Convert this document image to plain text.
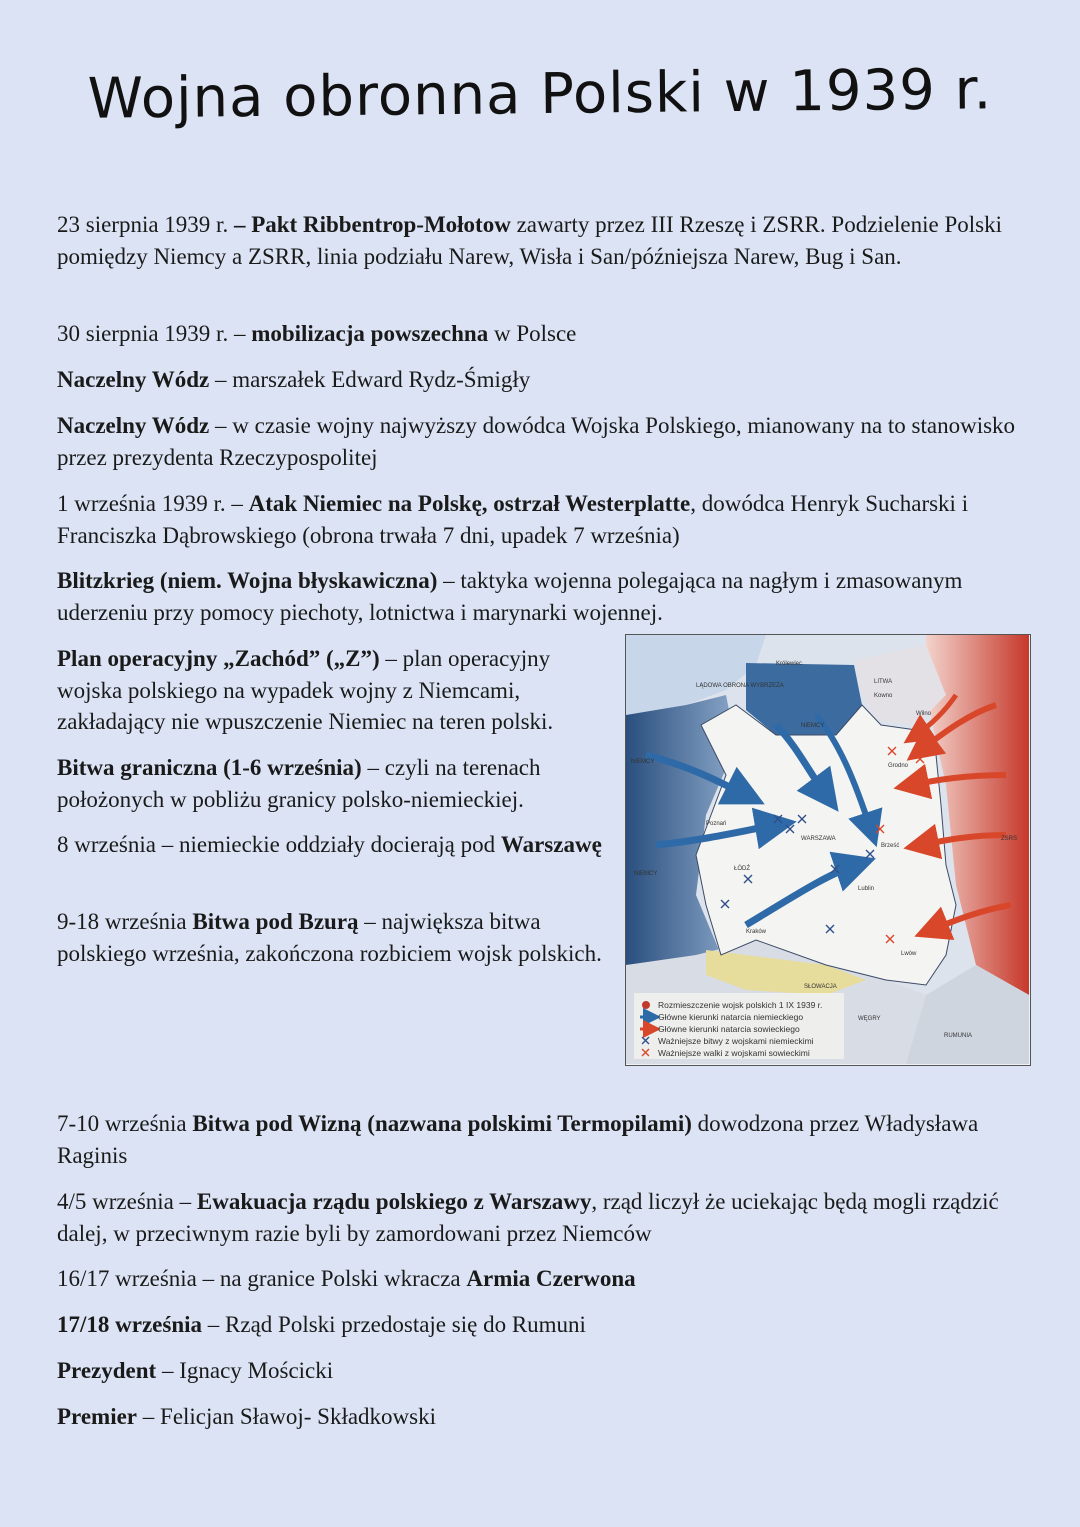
Wojna obronna Polski w 1939 r.

23 sierpnia 1939 r. – Pakt Ribbentrop-Mołotow zawarty przez III Rzeszę i ZSRR. Podzielenie Polski pomiędzy Niemcy a ZSRR, linia podziału Narew, Wisła i San/późniejsza Narew, Bug i San.

30 sierpnia 1939 r. – mobilizacja powszechna w Polsce

Naczelny Wódz – marszałek Edward Rydz-Śmigły

Naczelny Wódz – w czasie wojny najwyższy dowódca Wojska Polskiego, mianowany na to stanowisko przez prezydenta Rzeczypospolitej

1 września 1939 r. – Atak Niemiec na Polskę, ostrzał Westerplatte, dowódca Henryk Sucharski i Franciszka Dąbrowskiego (obrona trwała 7 dni, upadek 7 września)

Blitzkrieg (niem. Wojna błyskawiczna) – taktyka wojenna polegająca na nagłym i zmasowanym uderzeniu przy pomocy piechoty, lotnictwa i marynarki wojennej.

Plan operacyjny „Zachód” („Z”) – plan operacyjny wojska polskiego na wypadek wojny z Niemcami, zakładający nie wpuszczenie Niemiec na teren polski.

Bitwa graniczna (1-6 września) – czyli na terenach położonych w pobliżu granicy polsko-niemieckiej.

8 września – niemieckie oddziały docierają pod Warszawę

9-18 września Bitwa pod Bzurą – największa bitwa polskiego września, zakończona rozbiciem wojsk polskich.

7-10 września Bitwa pod Wizną (nazwana polskimi Termopilami) dowodzona przez Władysława Raginis

4/5 września – Ewakuacja rządu polskiego z Warszawy, rząd liczył że uciekając będą mogli rządzić dalej, w przeciwnym razie byli by zamordowani przez Niemców

16/17 września – na granice Polski wkracza Armia Czerwona

17/18 września – Rząd Polski przedostaje się do Rumuni

Prezydent – Ignacy Mościcki

Premier – Felicjan Sławoj- Składkowski

LITWA
NIEMCY
NIEMCY
NIEMCY
ZSRS
SŁOWACJA
WĘGRY
RUMUNIA
LĄDOWA OBRONA WYBRZEŻA
WARSZAWA
Królewiec
Poznań
ŁÓDŹ
Kraków
Lublin
Wilno
Grodno
Lwów
Brześć
Kowno
Rozmieszczenie wojsk polskich 1 IX 1939 r.
Główne kierunki natarcia niemieckiego
Główne kierunki natarcia sowieckiego
Ważniejsze bitwy z wojskami niemieckimi
Ważniejsze walki z wojskami sowieckimi
